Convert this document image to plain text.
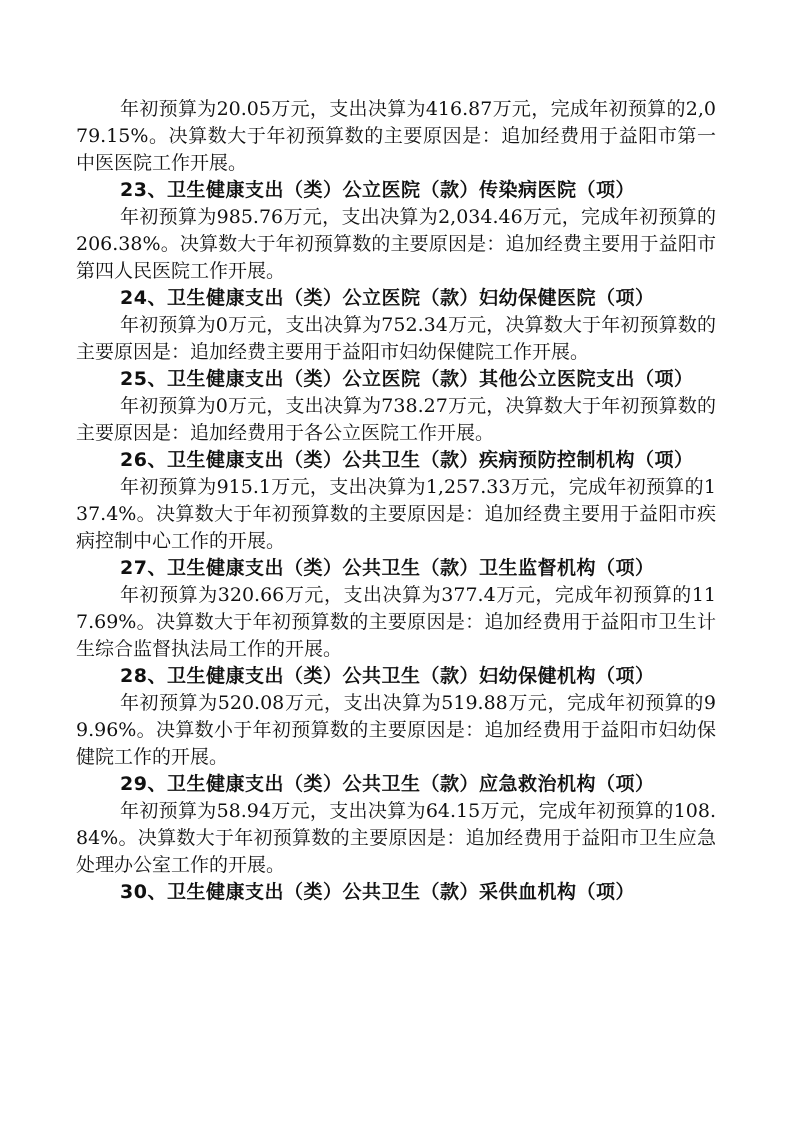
年初预算为20.05万元，支出决算为416.87万元，完成年初预算的2,079.15%。决算数大于年初预算数的主要原因是：追加经费用于益阳市第一中医医院工作开展。

23、卫生健康支出（类）公立医院（款）传染病医院（项）

年初预算为985.76万元，支出决算为2,034.46万元，完成年初预算的206.38%。决算数大于年初预算数的主要原因是：追加经费主要用于益阳市第四人民医院工作开展。

24、卫生健康支出（类）公立医院（款）妇幼保健医院（项）

年初预算为0万元，支出决算为752.34万元，决算数大于年初预算数的主要原因是：追加经费主要用于益阳市妇幼保健院工作开展。

25、卫生健康支出（类）公立医院（款）其他公立医院支出（项）

年初预算为0万元，支出决算为738.27万元，决算数大于年初预算数的主要原因是：追加经费用于各公立医院工作开展。

26、卫生健康支出（类）公共卫生（款）疾病预防控制机构（项）

年初预算为915.1万元，支出决算为1,257.33万元，完成年初预算的137.4%。决算数大于年初预算数的主要原因是：追加经费主要用于益阳市疾病控制中心工作的开展。

27、卫生健康支出（类）公共卫生（款）卫生监督机构（项）

年初预算为320.66万元，支出决算为377.4万元，完成年初预算的117.69%。决算数大于年初预算数的主要原因是：追加经费用于益阳市卫生计生综合监督执法局工作的开展。

28、卫生健康支出（类）公共卫生（款）妇幼保健机构（项）

年初预算为520.08万元，支出决算为519.88万元，完成年初预算的99.96%。决算数小于年初预算数的主要原因是：追加经费用于益阳市妇幼保健院工作的开展。

29、卫生健康支出（类）公共卫生（款）应急救治机构（项）

年初预算为58.94万元，支出决算为64.15万元，完成年初预算的108.84%。决算数大于年初预算数的主要原因是：追加经费用于益阳市卫生应急处理办公室工作的开展。

30、卫生健康支出（类）公共卫生（款）采供血机构（项）
